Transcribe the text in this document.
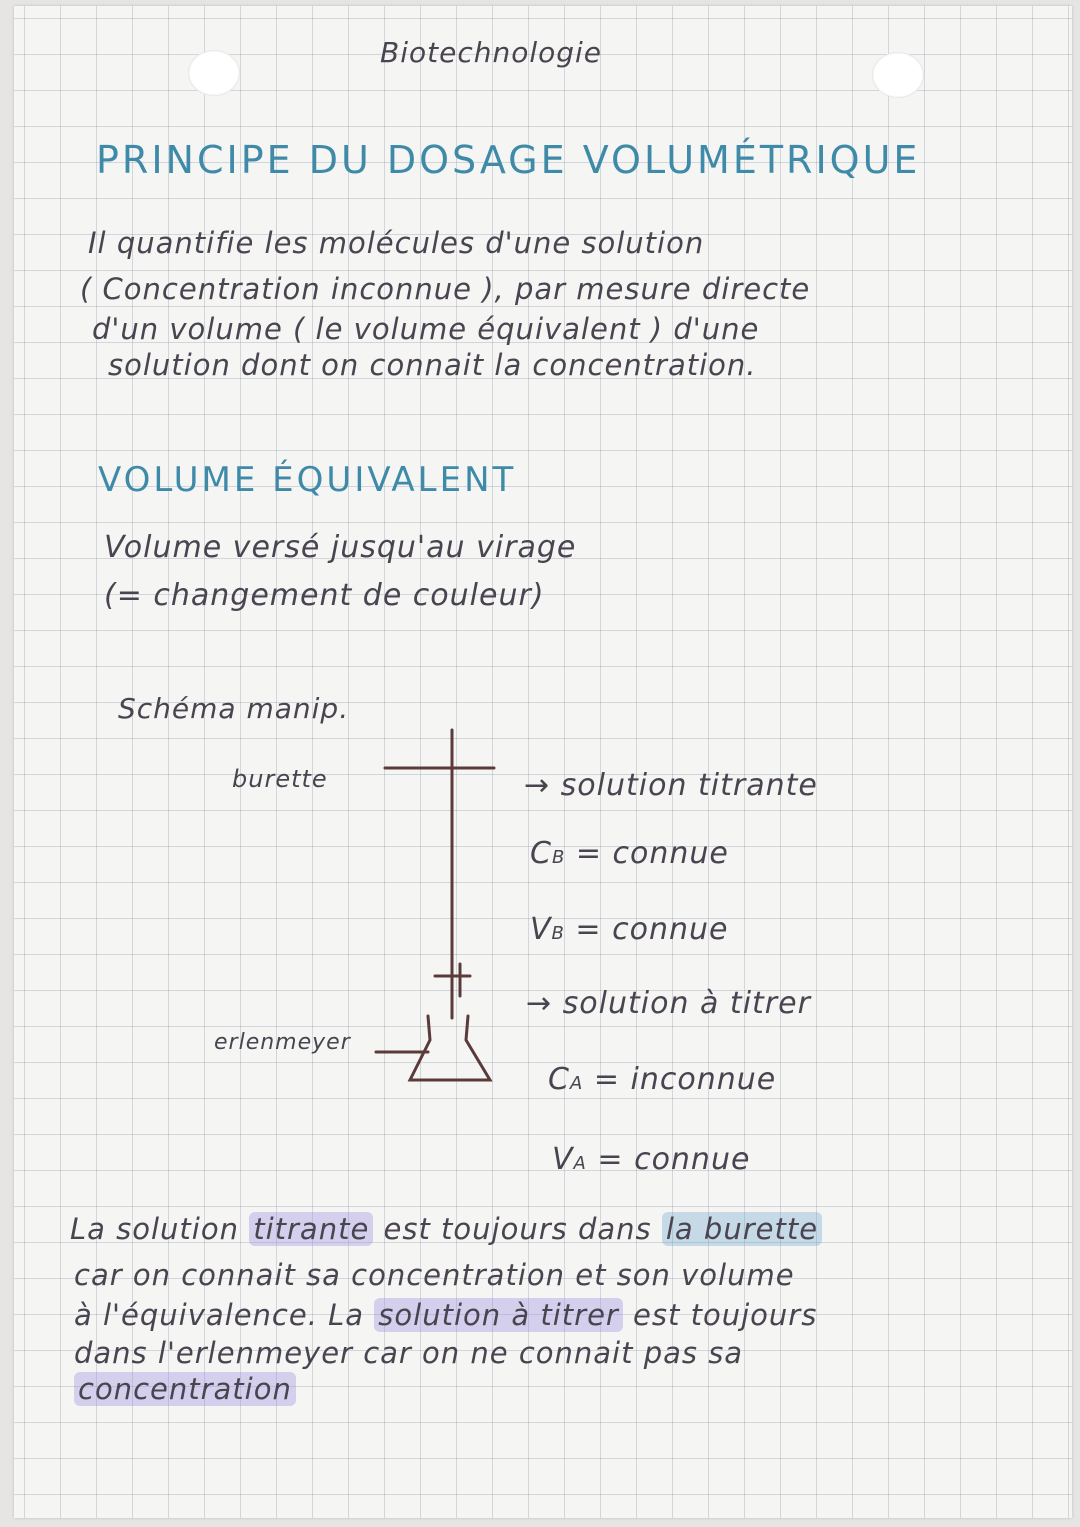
Biotechnologie
PRINCIPE DU DOSAGE VOLUMÉTRIQUE
Il quantifie les molécules d'une solution
( Concentration inconnue ), par mesure directe
d'un volume ( le volume équivalent ) d'une
solution dont on connait la concentration.
VOLUME ÉQUIVALENT
Volume versé jusqu'au virage
(= changement de couleur)
Schéma manip.
burette	→ solution titrante
CB = connue
VB = connue
→ solution à titrer
erlenmeyer
CA = inconnue
VA = connue
La solution titrante est toujours dans la burette
car on connait sa concentration et son volume
à l'équivalence. La solution à titrer est toujours
dans l'erlenmeyer car on ne connait pas sa
concentration
